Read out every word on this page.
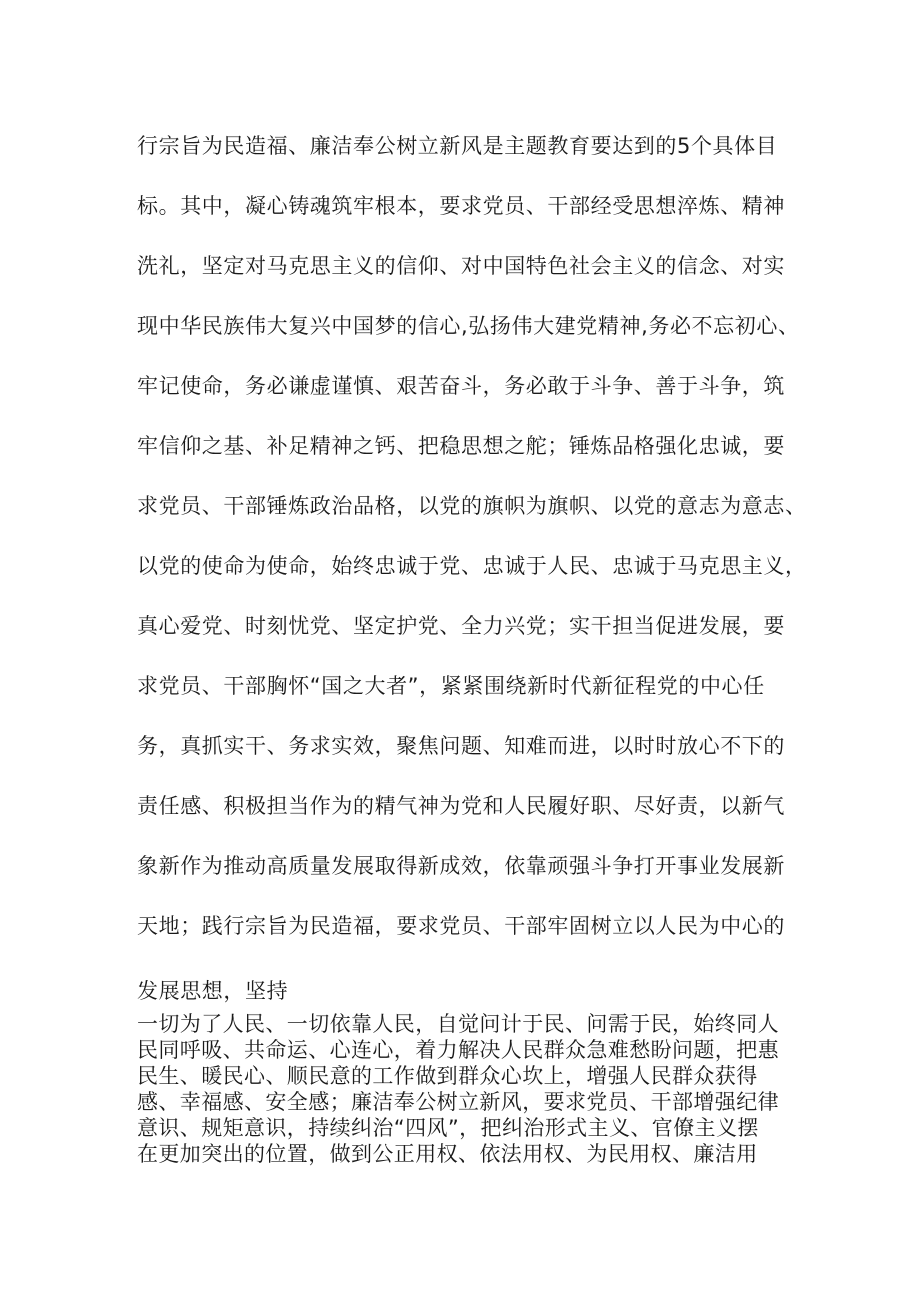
行宗旨为民造福、廉洁奉公树立新风是主题教育要达到的5个具体目
标。其中，凝心铸魂筑牢根本，要求党员、干部经受思想淬炼、精神
洗礼，坚定对马克思主义的信仰、对中国特色社会主义的信念、对实
现中华民族伟大复兴中国梦的信心,弘扬伟大建党精神,务必不忘初心、
牢记使命，务必谦虚谨慎、艰苦奋斗，务必敢于斗争、善于斗争，筑
牢信仰之基、补足精神之钙、把稳思想之舵；锤炼品格强化忠诚，要
求党员、干部锤炼政治品格，以党的旗帜为旗帜、以党的意志为意志、
以党的使命为使命，始终忠诚于党、忠诚于人民、忠诚于马克思主义，
真心爱党、时刻忧党、坚定护党、全力兴党；实干担当促进发展，要
求党员、干部胸怀“国之大者”，紧紧围绕新时代新征程党的中心任
务，真抓实干、务求实效，聚焦问题、知难而进，以时时放心不下的
责任感、积极担当作为的精气神为党和人民履好职、尽好责，以新气
象新作为推动高质量发展取得新成效，依靠顽强斗争打开事业发展新
天地；践行宗旨为民造福，要求党员、干部牢固树立以人民为中心的
发展思想，坚持
一切为了人民、一切依靠人民，自觉问计于民、问需于民，始终同人
民同呼吸、共命运、心连心，着力解决人民群众急难愁盼问题，把惠
民生、暖民心、顺民意的工作做到群众心坎上，增强人民群众获得
感、幸福感、安全感；廉洁奉公树立新风，要求党员、干部增强纪律
意识、规矩意识，持续纠治“四风”，把纠治形式主义、官僚主义摆
在更加突出的位置，做到公正用权、依法用权、为民用权、廉洁用
